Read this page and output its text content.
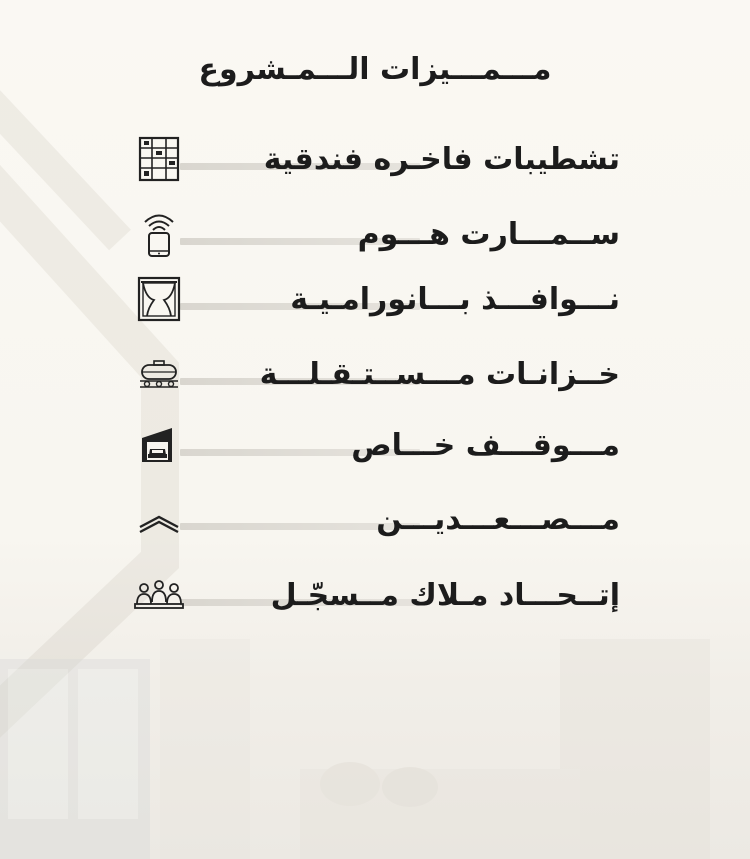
مـــمـــيزات الـــمـشروع
تشطيبات فاخـره فندقية
ســمـــارت هـــوم
نـــوافـــذ بـــانورامـيـة
خــزانـات مـــســتـقـلـــة
مـــوقـــف خـــاص
مـــصـــعـــديـــن
إتــحـــاد مـلاك مــسجّـل
